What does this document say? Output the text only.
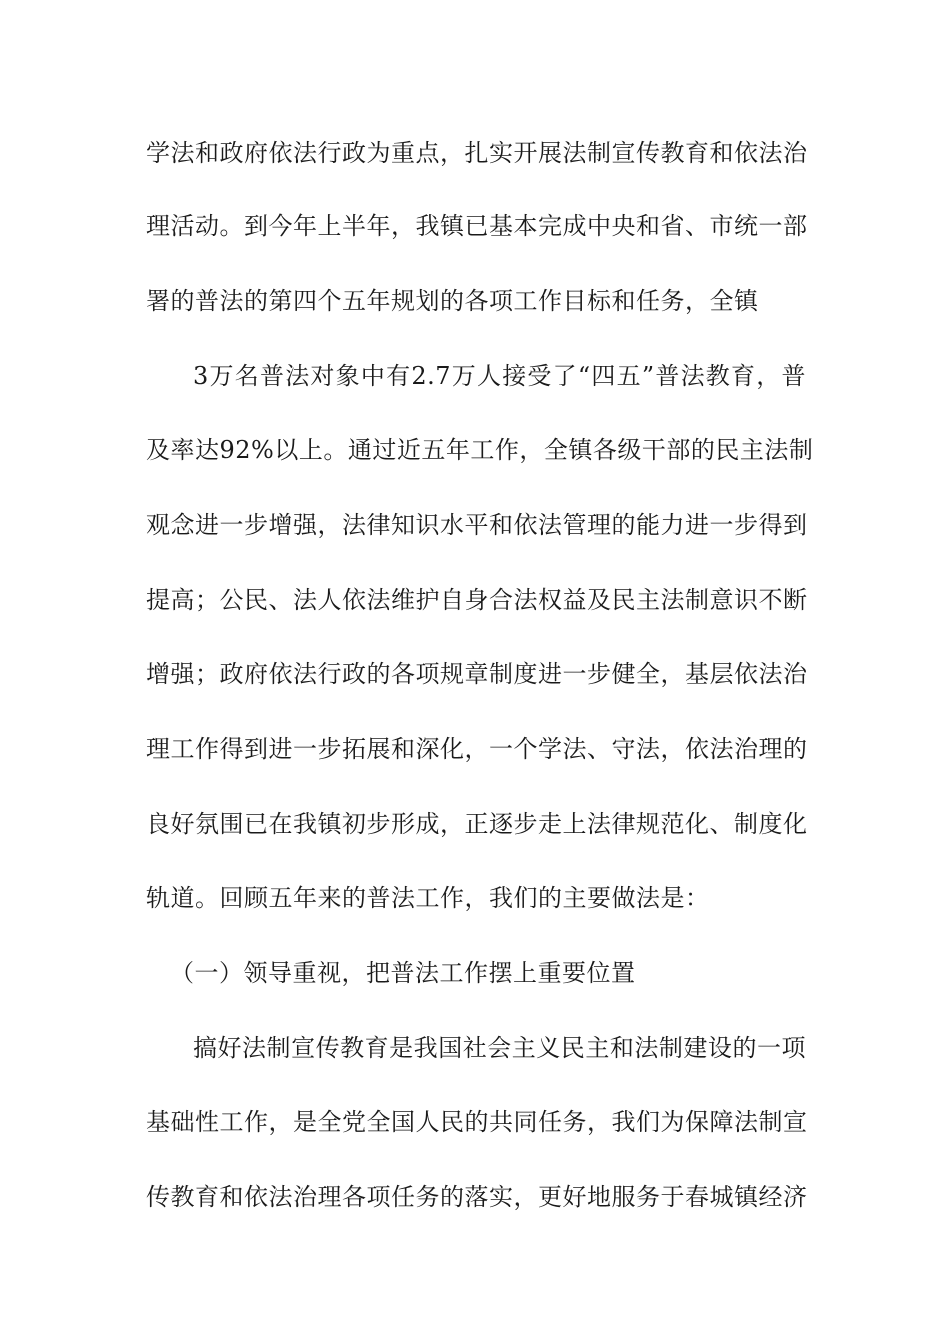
学法和政府依法行政为重点，扎实开展法制宣传教育和依法治
理活动。到今年上半年，我镇已基本完成中央和省、市统一部
署的普法的第四个五年规划的各项工作目标和任务，全镇
3万名普法对象中有2.7万人接受了“四五”普法教育，普
及率达92%以上。通过近五年工作，全镇各级干部的民主法制
观念进一步增强，法律知识水平和依法管理的能力进一步得到
提高；公民、法人依法维护自身合法权益及民主法制意识不断
增强；政府依法行政的各项规章制度进一步健全，基层依法治
理工作得到进一步拓展和深化，一个学法、守法，依法治理的
良好氛围已在我镇初步形成，正逐步走上法律规范化、制度化
轨道。回顾五年来的普法工作，我们的主要做法是：
（一）领导重视，把普法工作摆上重要位置
搞好法制宣传教育是我国社会主义民主和法制建设的一项
基础性工作，是全党全国人民的共同任务，我们为保障法制宣
传教育和依法治理各项任务的落实，更好地服务于春城镇经济
